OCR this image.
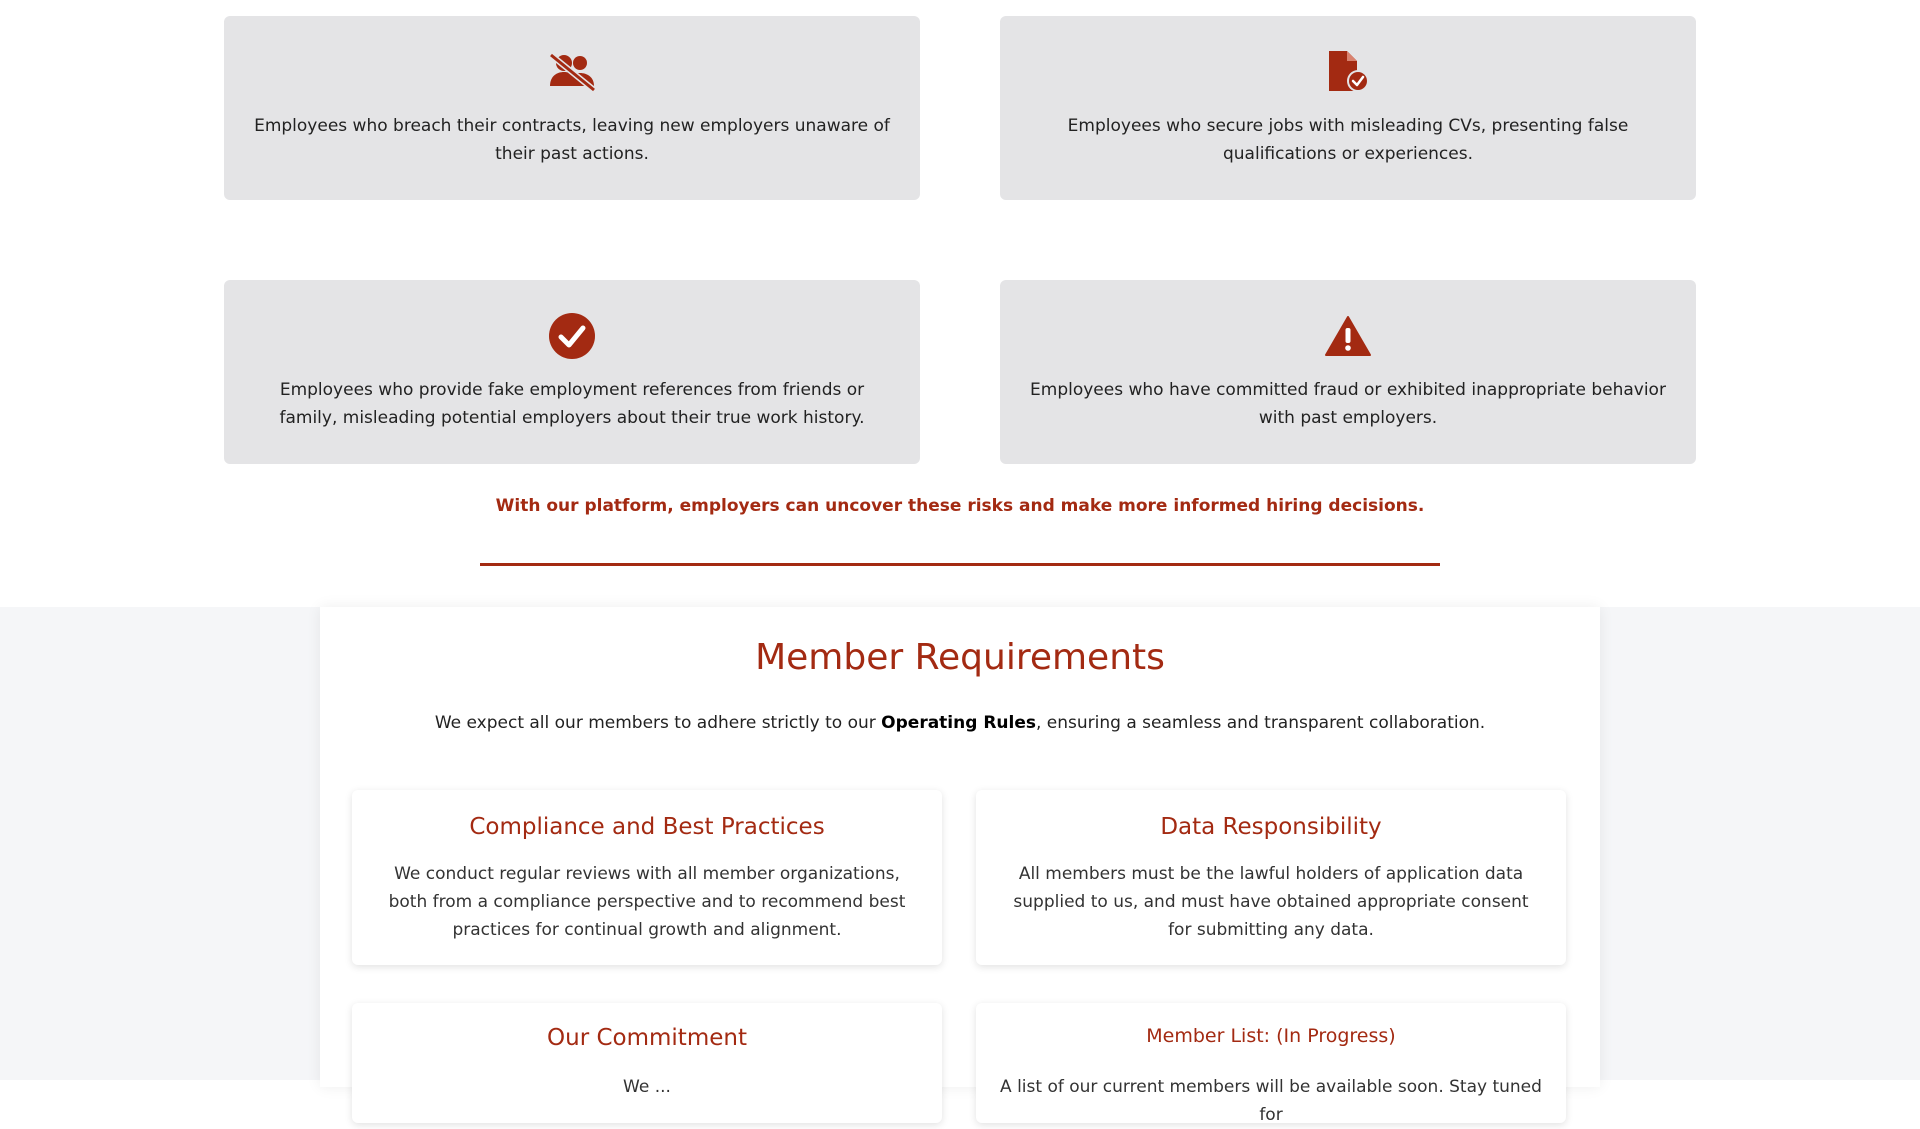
Employees who breach their contracts, leaving new employers unaware of their past actions.
Employees who secure jobs with misleading CVs, presenting false qualifications or experiences.
Employees who provide fake employment references from friends or family, misleading potential employers about their true work history.
Employees who have committed fraud or exhibited inappropriate behavior with past employers.
With our platform, employers can uncover these risks and make more informed hiring decisions.
Member Requirements
We expect all our members to adhere strictly to our Operating Rules, ensuring a seamless and transparent collaboration.
Compliance and Best Practices
We conduct regular reviews with all member organizations, both from a compliance perspective and to recommend best practices for continual growth and alignment.
Data Responsibility
All members must be the lawful holders of application data supplied to us, and must have obtained appropriate consent for submitting any data.
Our Commitment
We ...
Member List: (In Progress)
A list of our current members will be available soon. Stay tuned for
